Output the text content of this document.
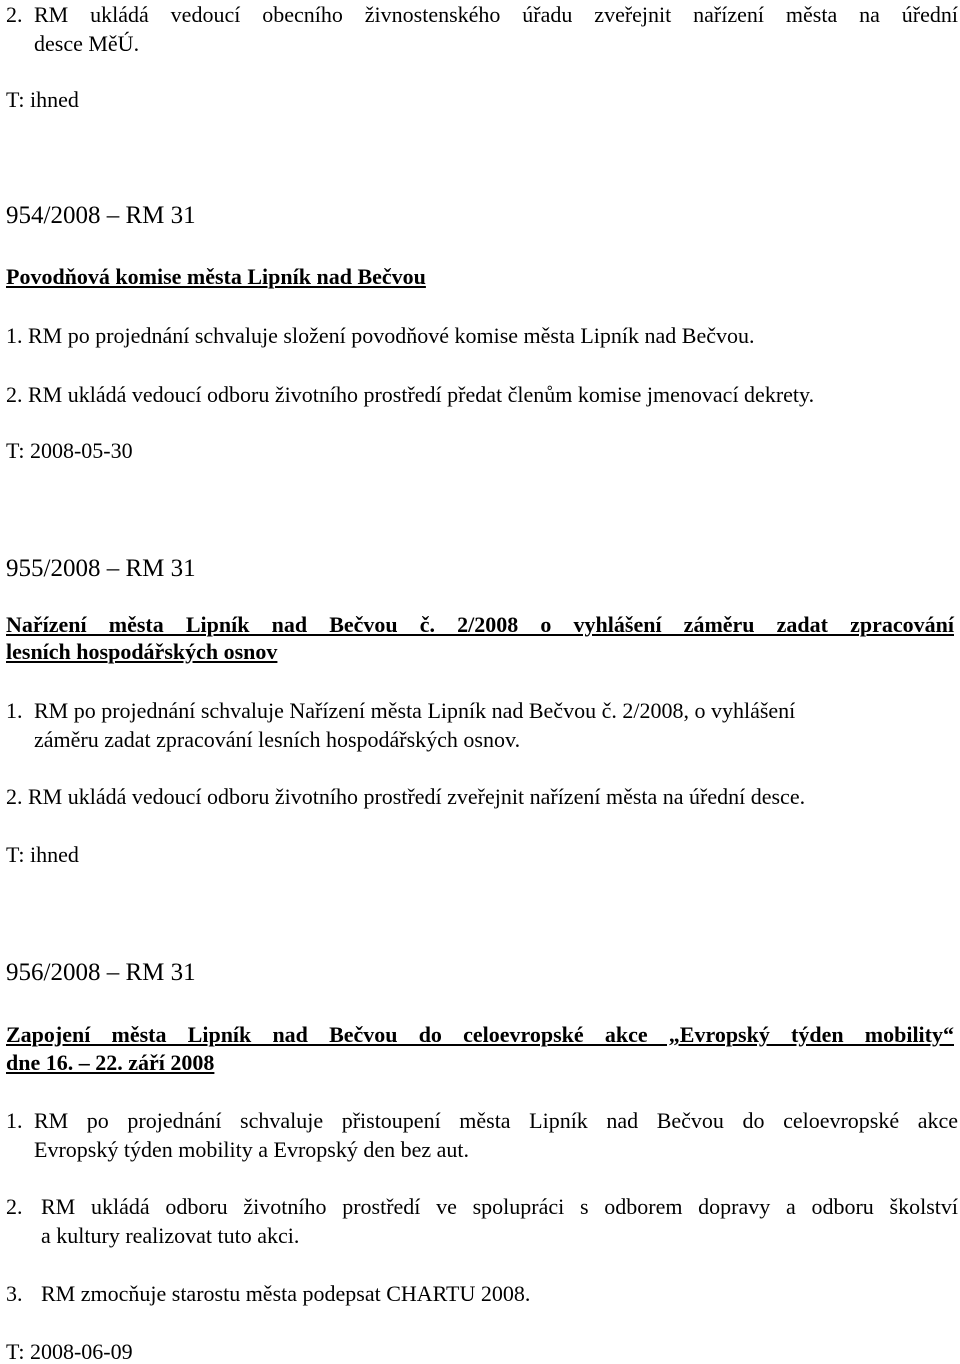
2. RM ukládá vedoucí obecního živnostenského úřadu zveřejnit nařízení města na úřední
desce MěÚ.
T: ihned
954/2008 – RM 31
Povodňová komise města Lipník nad Bečvou
1. RM po projednání schvaluje složení povodňové komise města Lipník nad Bečvou.
2. RM ukládá vedoucí odboru životního prostředí předat členům komise jmenovací dekrety.
T: 2008-05-30
955/2008 – RM 31
Nařízení města Lipník nad Bečvou č. 2/2008 o vyhlášení záměru zadat zpracování
lesních hospodářských osnov
1. RM po projednání schvaluje Nařízení města Lipník nad Bečvou č. 2/2008, o vyhlášení
záměru zadat zpracování lesních hospodářských osnov.
2. RM ukládá vedoucí odboru životního prostředí zveřejnit nařízení města na úřední desce.
T: ihned
956/2008 – RM 31
Zapojení města Lipník nad Bečvou do celoevropské akce „Evropský týden mobility“
dne 16. – 22. září 2008
1. RM po projednání schvaluje přistoupení města Lipník nad Bečvou do celoevropské akce
Evropský týden mobility a Evropský den bez aut.
2. RM ukládá odboru životního prostředí ve spolupráci s odborem dopravy a odboru školství
a kultury realizovat tuto akci.
3. RM zmocňuje starostu města podepsat CHARTU 2008.
T: 2008-06-09
